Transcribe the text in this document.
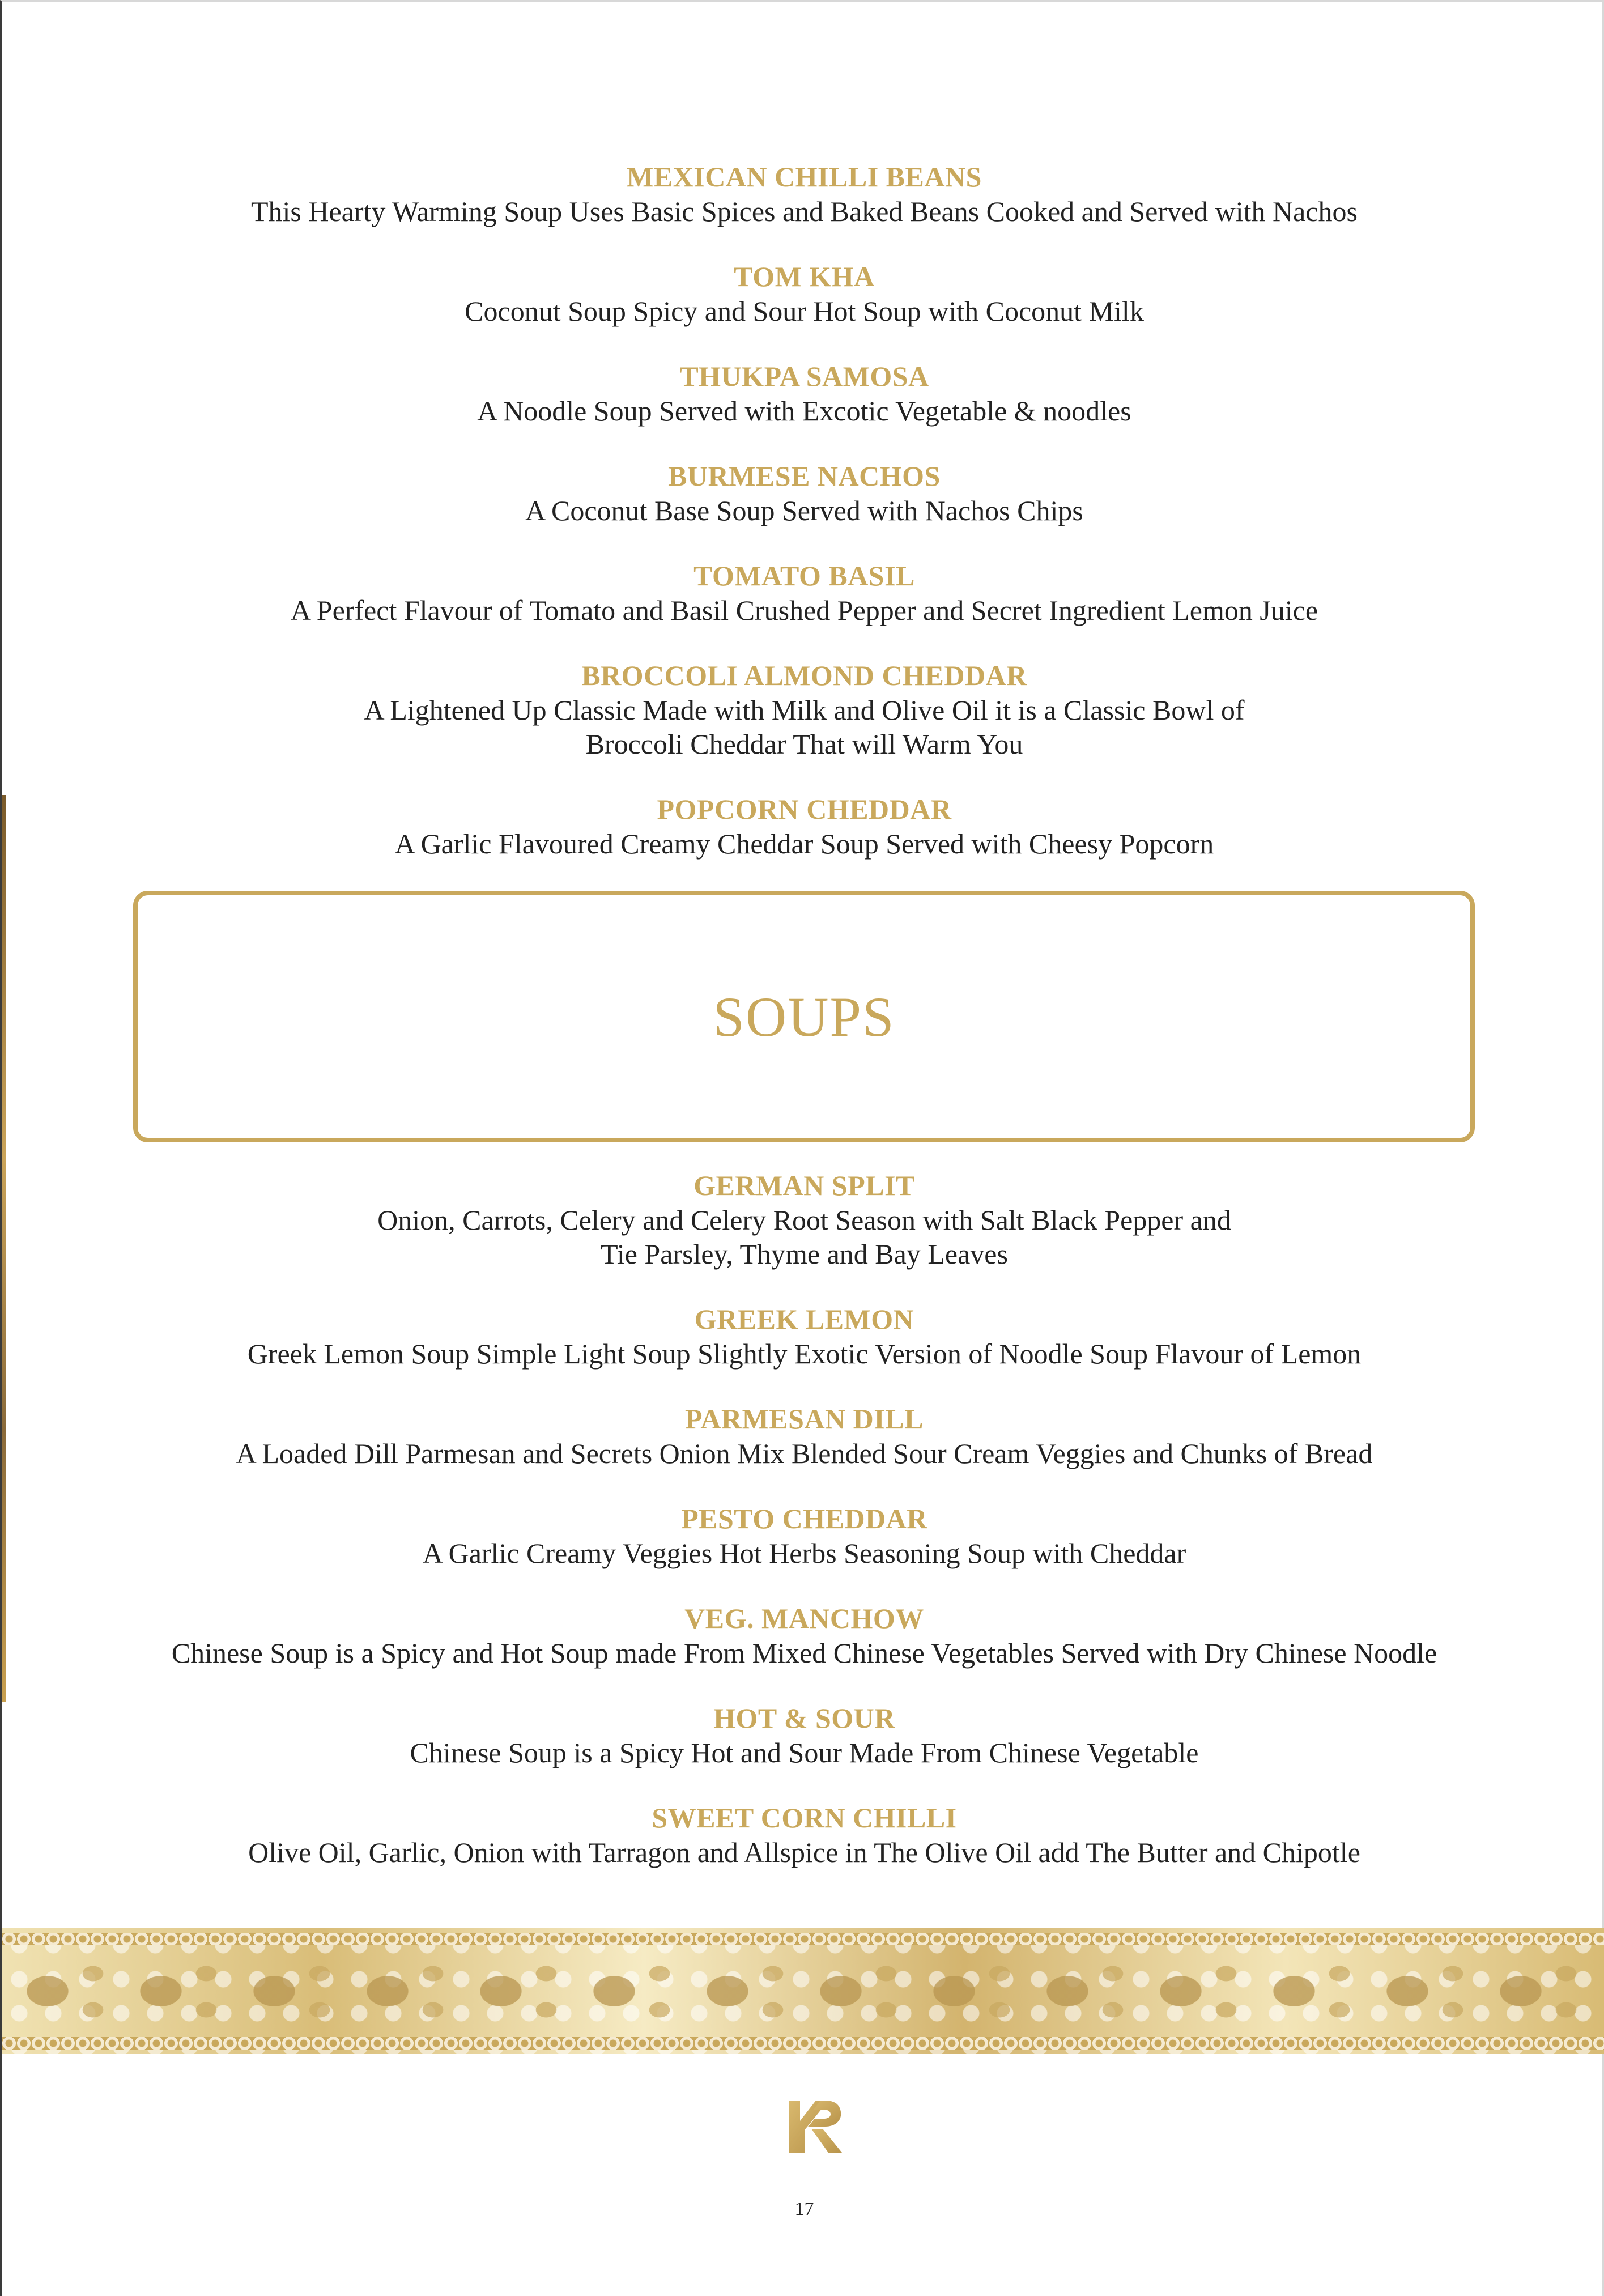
MEXICAN CHILLI BEANS
This Hearty Warming Soup Uses Basic Spices and Baked Beans Cooked and Served with Nachos
TOM KHA
Coconut Soup Spicy and Sour Hot Soup with Coconut Milk
THUKPA SAMOSA
A Noodle Soup Served with Excotic Vegetable & noodles
BURMESE NACHOS
A Coconut Base Soup Served with Nachos Chips
TOMATO BASIL
A Perfect Flavour of Tomato and Basil Crushed Pepper and Secret Ingredient Lemon Juice
BROCCOLI ALMOND CHEDDAR
A Lightened Up Classic Made with Milk and Olive Oil it is a Classic Bowl of
Broccoli Cheddar That will Warm You
POPCORN CHEDDAR
A Garlic Flavoured Creamy Cheddar Soup Served with Cheesy Popcorn
SOUPS
GERMAN SPLIT
Onion, Carrots, Celery and Celery Root Season with Salt Black Pepper and
Tie Parsley, Thyme and Bay Leaves
GREEK LEMON
Greek Lemon Soup Simple Light Soup Slightly Exotic Version of Noodle Soup Flavour of Lemon
PARMESAN DILL
A Loaded Dill Parmesan and Secrets Onion Mix Blended Sour Cream Veggies and Chunks of Bread
PESTO CHEDDAR
A Garlic Creamy Veggies Hot Herbs Seasoning Soup with Cheddar
VEG. MANCHOW
Chinese Soup is a Spicy and Hot Soup made From Mixed Chinese Vegetables Served with Dry Chinese Noodle
HOT & SOUR
Chinese Soup is a Spicy Hot and Sour Made From Chinese Vegetable
SWEET CORN CHILLI
Olive Oil, Garlic, Onion with Tarragon and Allspice in The Olive Oil add The Butter and Chipotle
17
